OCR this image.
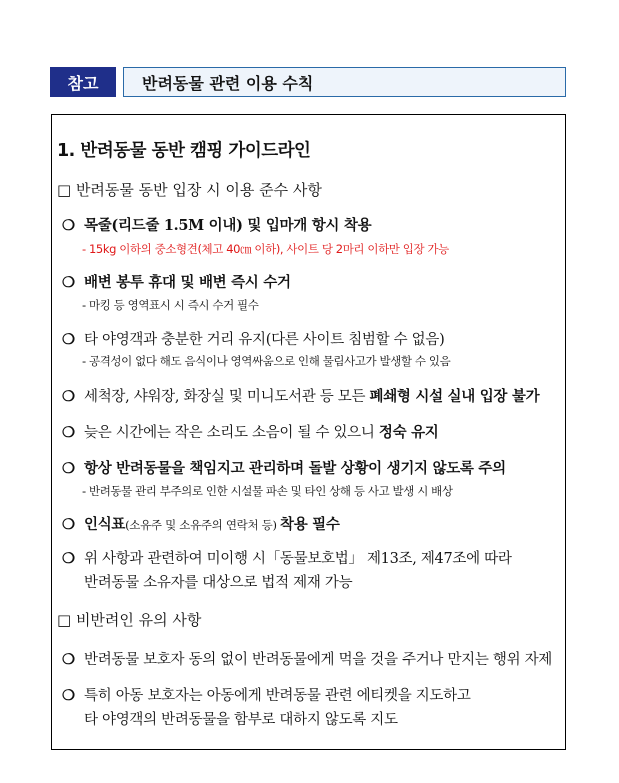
참고	반려동물 관련 이용 수칙
1. 반려동물 동반 캠핑 가이드라인
□ 반려동물 동반 입장 시 이용 준수 사항
❍ 목줄(리드줄 1.5M 이내) 및 입마개 항시 착용
- 15kg 이하의 중소형견(체고 40㎝ 이하), 사이트 당 2마리 이하만 입장 가능
❍ 배변 봉투 휴대 및 배변 즉시 수거
- 마킹 등 영역표시 시 즉시 수거 필수
❍ 타 야영객과 충분한 거리 유지(다른 사이트 침범할 수 없음)
- 공격성이 없다 해도 음식이나 영역싸움으로 인해 물림사고가 발생할 수 있음
❍ 세척장, 샤워장, 화장실 및 미니도서관 등 모든 폐쇄형 시설 실내 입장 불가
❍ 늦은 시간에는 작은 소리도 소음이 될 수 있으니 정숙 유지
❍ 항상 반려동물을 책임지고 관리하며 돌발 상황이 생기지 않도록 주의
- 반려동물 관리 부주의로 인한 시설물 파손 및 타인 상해 등 사고 발생 시 배상
❍ 인식표(소유주 및 소유주의 연락처 등) 착용 필수
❍ 위 사항과 관련하여 미이행 시「동물보호법」 제13조, 제47조에 따라
반려동물 소유자를 대상으로 법적 제재 가능
□ 비반려인 유의 사항
❍ 반려동물 보호자 동의 없이 반려동물에게 먹을 것을 주거나 만지는 행위 자제
❍ 특히 아동 보호자는 아동에게 반려동물 관련 에티켓을 지도하고
타 야영객의 반려동물을 함부로 대하지 않도록 지도
